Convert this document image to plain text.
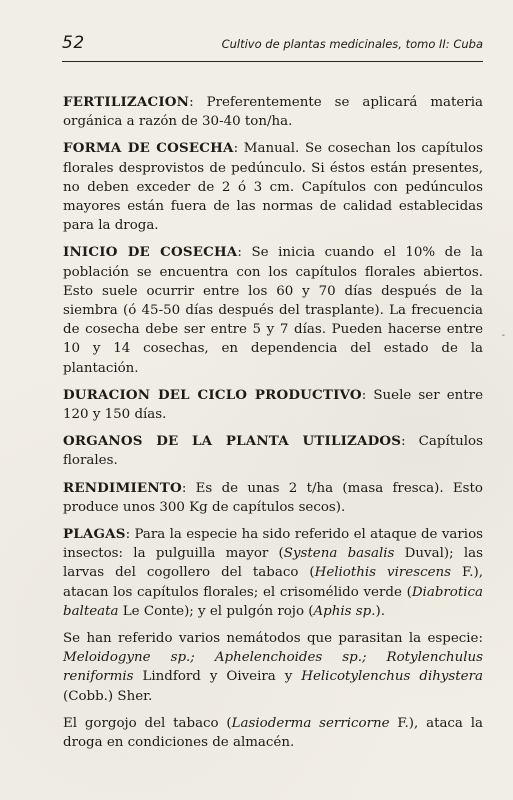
52	Cultivo de plantas medicinales, tomo II: Cuba

FERTILIZACION: Preferentemente se aplicará materia orgánica a razón de 30-40 ton/ha.

FORMA DE COSECHA: Manual. Se cosechan los capítulos florales desprovistos de pedúnculo. Si éstos están presentes, no deben exceder de 2 ó 3 cm. Capítulos con pedúnculos mayores están fuera de las normas de calidad establecidas para la droga.

INICIO DE COSECHA: Se inicia cuando el 10% de la población se encuentra con los capítulos florales abiertos. Esto suele ocurrir entre los 60 y 70 días después de la siembra (ó 45-50 días después del trasplante). La frecuencia de cosecha debe ser entre 5 y 7 días. Pueden hacerse entre 10 y 14 cosechas, en dependencia del estado de la plantación.

DURACION DEL CICLO PRODUCTIVO: Suele ser entre 120 y 150 días.

ORGANOS DE LA PLANTA UTILIZADOS: Capítulos florales.

RENDIMIENTO: Es de unas 2 t/ha (masa fresca). Esto produce unos 300 Kg de capítulos secos).

PLAGAS: Para la especie ha sido referido el ataque de varios insectos: la pulguilla mayor (Systena basalis Duval); las larvas del cogollero del tabaco (Heliothis virescens F.), atacan los capítulos florales; el crisomélido verde (Diabrotica balteata Le Conte); y el pulgón rojo (Aphis sp.).

Se han referido varios nemátodos que parasitan la especie: Meloidogyne sp.; Aphelenchoides sp.; Rotylenchulus reniformis Lindford y Oiveira y Helicotylenchus dihystera (Cobb.) Sher.

El gorgojo del tabaco (Lasioderma serricorne F.), ataca la droga en condiciones de almacén.

-
